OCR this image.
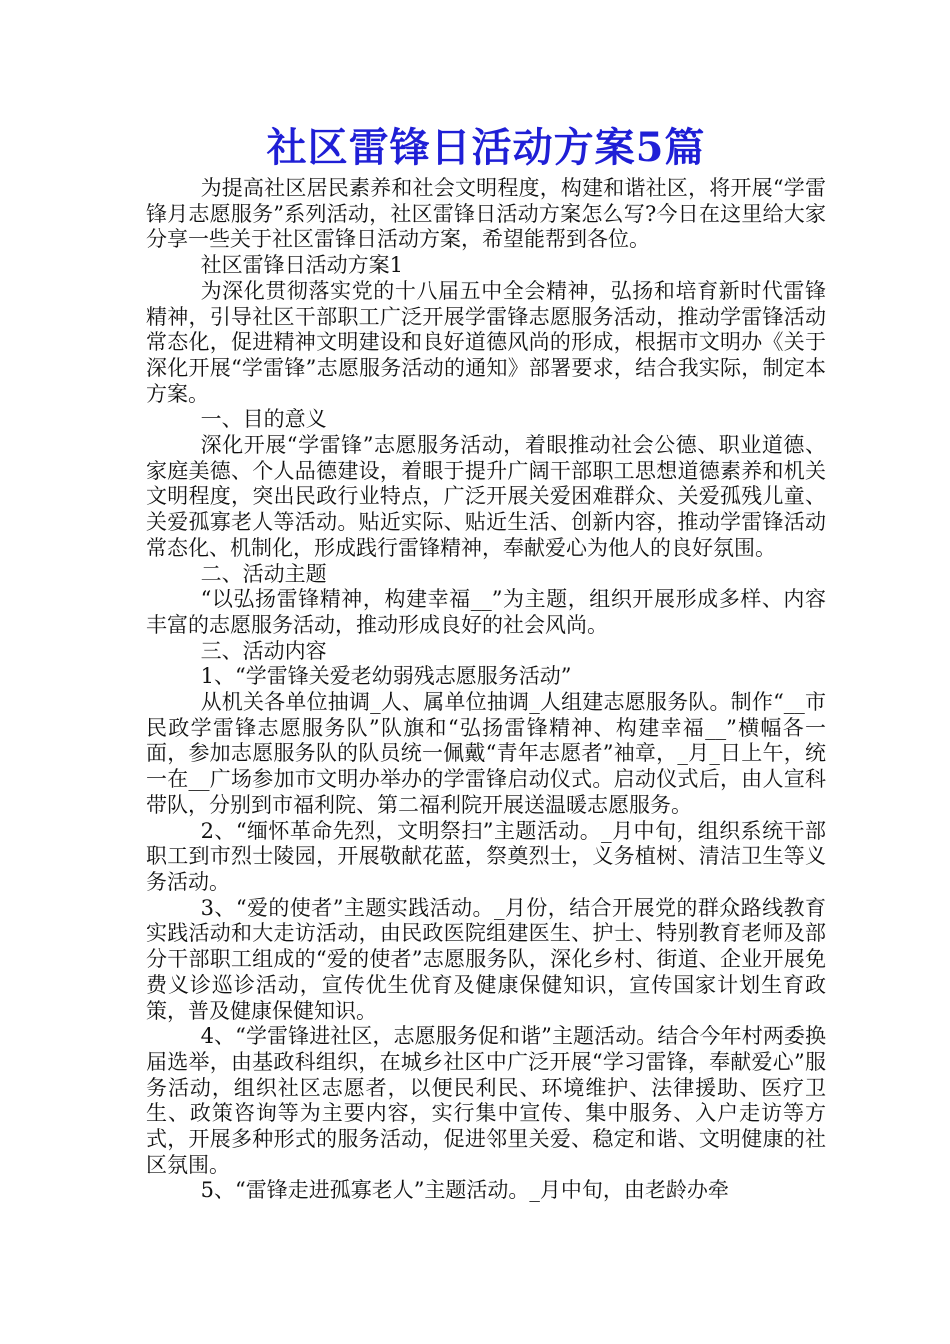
社区雷锋日活动方案5篇

为提高社区居民素养和社会文明程度，构建和谐社区，将开展“学雷锋月志愿服务”系列活动，社区雷锋日活动方案怎么写?今日在这里给大家分享一些关于社区雷锋日活动方案，希望能帮到各位。

社区雷锋日活动方案1

为深化贯彻落实党的十八届五中全会精神，弘扬和培育新时代雷锋精神，引导社区干部职工广泛开展学雷锋志愿服务活动，推动学雷锋活动常态化，促进精神文明建设和良好道德风尚的形成，根据市文明办《关于深化开展“学雷锋”志愿服务活动的通知》部署要求，结合我实际，制定本方案。

一、目的意义

深化开展“学雷锋”志愿服务活动，着眼推动社会公德、职业道德、家庭美德、个人品德建设，着眼于提升广阔干部职工思想道德素养和机关文明程度，突出民政行业特点，广泛开展关爱困难群众、关爱孤残儿童、关爱孤寡老人等活动。贴近实际、贴近生活、创新内容，推动学雷锋活动常态化、机制化，形成践行雷锋精神，奉献爱心为他人的良好氛围。

二、活动主题

“以弘扬雷锋精神，构建幸福__”为主题，组织开展形成多样、内容丰富的志愿服务活动，推动形成良好的社会风尚。

三、活动内容

1、“学雷锋关爱老幼弱残志愿服务活动”

从机关各单位抽调_人、属单位抽调_人组建志愿服务队。制作“__市民政学雷锋志愿服务队”队旗和“弘扬雷锋精神、构建幸福__”横幅各一面，参加志愿服务队的队员统一佩戴“青年志愿者”袖章，_月_日上午，统一在__广场参加市文明办举办的学雷锋启动仪式。启动仪式后，由人宣科带队，分别到市福利院、第二福利院开展送温暖志愿服务。

2、“缅怀革命先烈，文明祭扫”主题活动。_月中旬，组织系统干部职工到市烈士陵园，开展敬献花蓝，祭奠烈士，义务植树、清洁卫生等义务活动。

3、“爱的使者”主题实践活动。_月份，结合开展党的群众路线教育实践活动和大走访活动，由民政医院组建医生、护士、特别教育老师及部分干部职工组成的“爱的使者”志愿服务队，深化乡村、街道、企业开展免费义诊巡诊活动，宣传优生优育及健康保健知识，宣传国家计划生育政策，普及健康保健知识。

4、“学雷锋进社区，志愿服务促和谐”主题活动。结合今年村两委换届选举，由基政科组织，在城乡社区中广泛开展“学习雷锋，奉献爱心”服务活动，组织社区志愿者，以便民利民、环境维护、法律援助、医疗卫生、政策咨询等为主要内容，实行集中宣传、集中服务、入户走访等方式，开展多种形式的服务活动，促进邻里关爱、稳定和谐、文明健康的社区氛围。

5、“雷锋走进孤寡老人”主题活动。_月中旬，由老龄办牵
